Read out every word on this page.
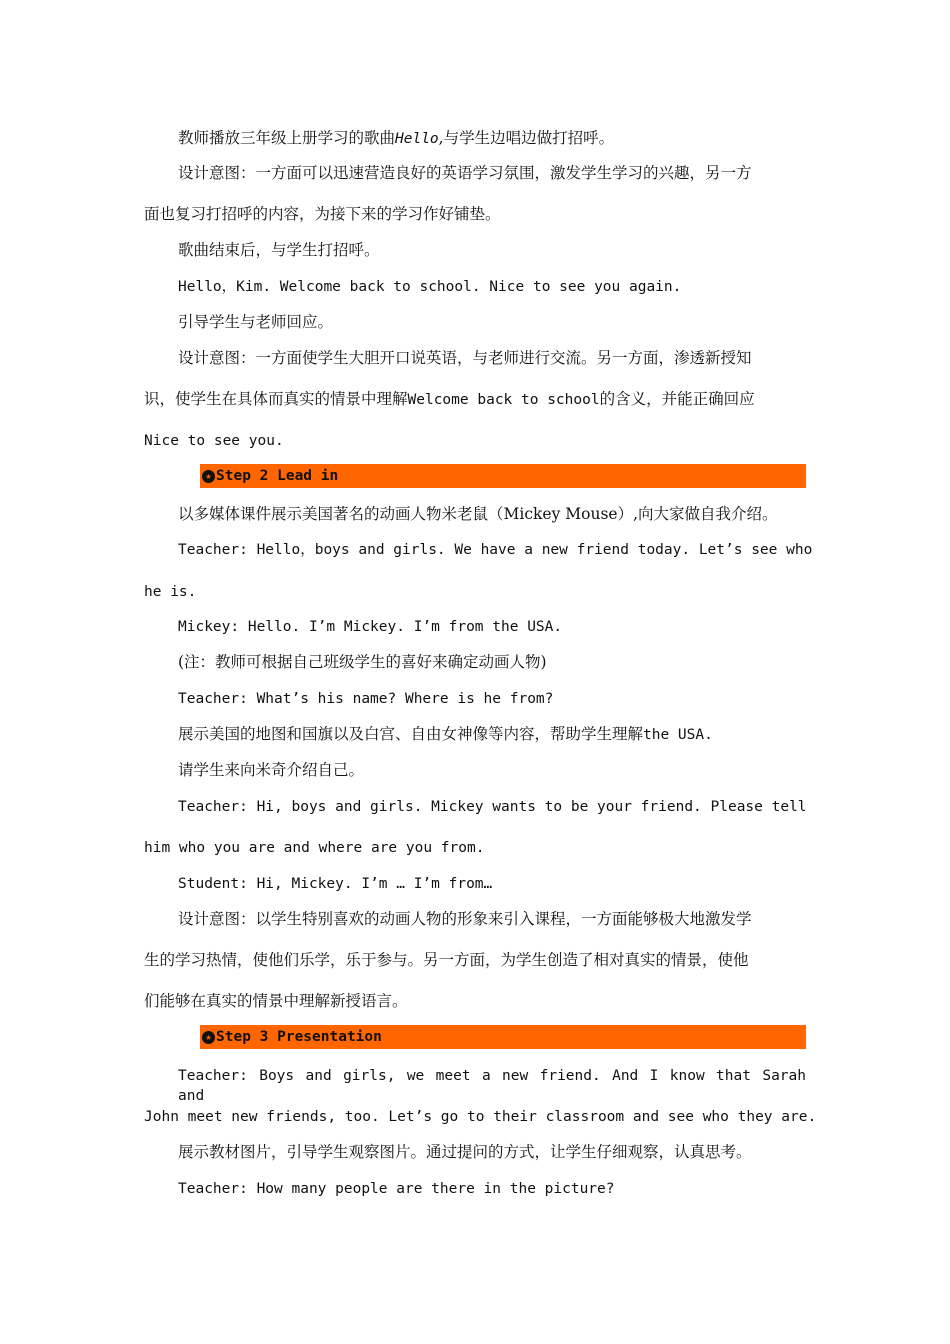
教师播放三年级上册学习的歌曲Hello,与学生边唱边做打招呼。

设计意图：一方面可以迅速营造良好的英语学习氛围，激发学生学习的兴趣，另一方

面也复习打招呼的内容，为接下来的学习作好铺垫。

歌曲结束后，与学生打招呼。

Hello，Kim. Welcome back to school. Nice to see you again.

引导学生与老师回应。

设计意图：一方面使学生大胆开口说英语，与老师进行交流。另一方面，渗透新授知

识，使学生在具体而真实的情景中理解Welcome back to school的含义，并能正确回应

Nice to see you.

★ Step 2 Lead in

以多媒体课件展示美国著名的动画人物米老鼠（Mickey Mouse）,向大家做自我介绍。

Teacher: Hello，boys and girls. We have a new friend today. Let’s see who

he is.

Mickey: Hello. I’m Mickey. I’m from the USA.

(注：教师可根据自己班级学生的喜好来确定动画人物)

Teacher: What’s his name? Where is he from?

展示美国的地图和国旗以及白宫、自由女神像等内容，帮助学生理解the USA.

请学生来向米奇介绍自己。

Teacher: Hi, boys and girls. Mickey wants to be your friend. Please tell

him who you are and where are you from.

Student: Hi, Mickey. I’m … I’m from…

设计意图：以学生特别喜欢的动画人物的形象来引入课程，一方面能够极大地激发学

生的学习热情，使他们乐学，乐于参与。另一方面，为学生创造了相对真实的情景，使他

们能够在真实的情景中理解新授语言。

★ Step 3 Presentation

Teacher: Boys and girls, we meet a new friend. And I know that Sarah and

John meet new friends, too. Let’s go to their classroom and see who they are.

展示教材图片，引导学生观察图片。通过提问的方式，让学生仔细观察，认真思考。

Teacher: How many people are there in the picture?
